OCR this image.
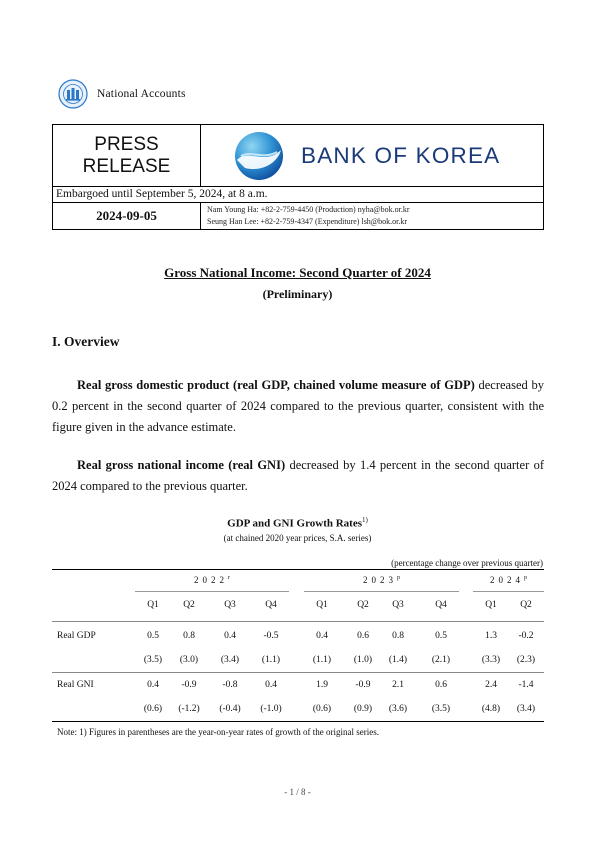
National Accounts
PRESS
RELEASE	BANK OF KOREA
Embargoed until September 5, 2024, at 8 a.m.
2024-09-05	Nam Young Ha: +82-2-759-4450 (Production) nyha@bok.or.kr
Seung Han Lee: +82-2-759-4347 (Expenditure) lsh@bok.or.kr
Gross National Income: Second Quarter of 2024
(Preliminary)
I. Overview
Real gross domestic product (real GDP, chained volume measure of GDP) decreased by 0.2 percent in the second quarter of 2024 compared to the previous quarter, consistent with the figure given in the advance estimate.
Real gross national income (real GNI) decreased by 1.4 percent in the second quarter of 2024 compared to the previous quarter.
GDP and GNI Growth Rates$^{1)}$
(at chained 2020 year prices, S.A. series)
(percentage change over previous quarter)
2022$^r$	2023$^p$	2024$^p$
Q1	Q2	Q3	Q4	Q1	Q2	Q3	Q4	Q1	Q2
Real GDP	0.5	0.8	0.4	-0.5	0.4	0.6	0.8	0.5	1.3	-0.2
(3.5)	(3.0)	(3.4)	(1.1)	(1.1)	(1.0)	(1.4)	(2.1)	(3.3)	(2.3)
Real GNI	0.4	-0.9	-0.8	0.4	1.9	-0.9	2.1	0.6	2.4	-1.4
(0.6)	(-1.2)	(-0.4)	(-1.0)	(0.6)	(0.9)	(3.6)	(3.5)	(4.8)	(3.4)
Note: 1) Figures in parentheses are the year-on-year rates of growth of the original series.
- 1 / 8 -
